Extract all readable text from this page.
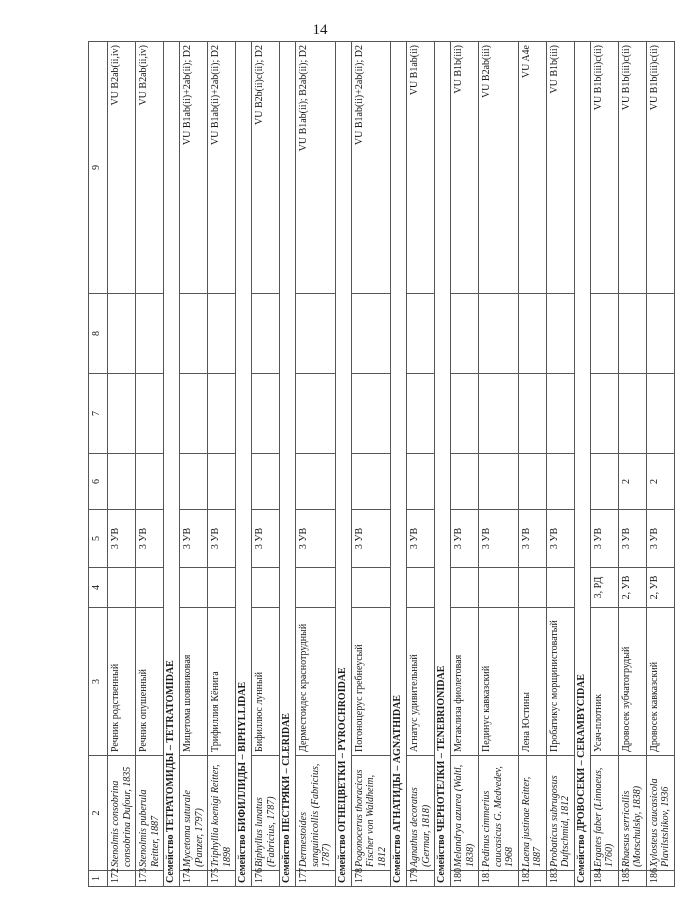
14
1	2	3	4	5	6	7	8	9
172	Stenolmis consobrina consobrina Dufour, 1835	Речник родственный		3 УВ				VU B2ab(ii,iv)
173	Stenolmis puberula Reitter, 1887	Речник опушенный		3 УВ				VU B2ab(ii,iv)
Семейство ТЕТРАТОМИДЫ – TETRATOMIDAE								
174	Mycetoma suturale (Panzer, 1797)	Мицетома шовниковая		3 УВ				VU B1ab(ii)+2ab(ii); D2
175	Triphyllia koenigi Reitter, 1898	Трифиллия Кёнига		3 УВ				VU B1ab(ii)+2ab(ii); D2
Семейство БИФИЛЛИДЫ – BIPHYLLIDAE								
176	Biphyllus lunatus (Fabricius, 1787)	Бифиллюс лунный		3 УВ				VU B2b(ii)c(ii); D2
Семейство ПЕСТРЯКИ – CLERIDAE								
177	Dermestoides sanguinicollis (Fabricius, 1787)	Дерместоидес краснотрудный		3 УВ				VU B1ab(ii); B2ab(ii); D2
Семейство ОГНЕЦВЕТКИ – PYROCHROIDAE								
178	Pogonocerus thoracicus Fischer von Waldheim, 1812	Погоноцерус гребнеусый		3 УВ				VU B1ab(ii)+2ab(ii); D2
Семейство АГНАТИДЫ – AGNATHIDAE								
179	Agnathus decoratus (Germar, 1818)	Агнатус удивительный		3 УВ				VU B1ab(ii)
Семейство ЧЕРНОТЕЛКИ – TENEBRIONIDAE								
180	Melandrya azurea (Waltl, 1838)	Метаклиза фиолетовая		3 УВ				VU B1b(iii)
181	Pedinus cimmerius caucasicus G. Medvedev, 1968	Пединус кавказский		3 УВ				VU B2ab(iii)
182	Laena justinae Reitter, 1887	Лена Юстины		3 УВ				VU A4e
183	Probaticus subrugosus Duftschmid, 1812	Пробатикус морщинистоватый		3 УВ				VU B1b(iii)
Семейство ДРОВОСЕКИ – CERAMBYCIDAE								
184	Ergates faber (Linnaeus, 1760)	Усач-плотник	3, РД	3 УВ				VU B1b(iii)c(ii)
185	Rhaesus serricollis (Motschulsky, 1838)	Дровосек зубчатогрудый	2, УВ	3 УВ	2			VU B1b(iii)c(ii)
186	Xylosteus caucasicola Plavilstshikov, 1936	Дровосек кавказский	2, УВ	3 УВ	2			VU B1b(iii)c(ii)
